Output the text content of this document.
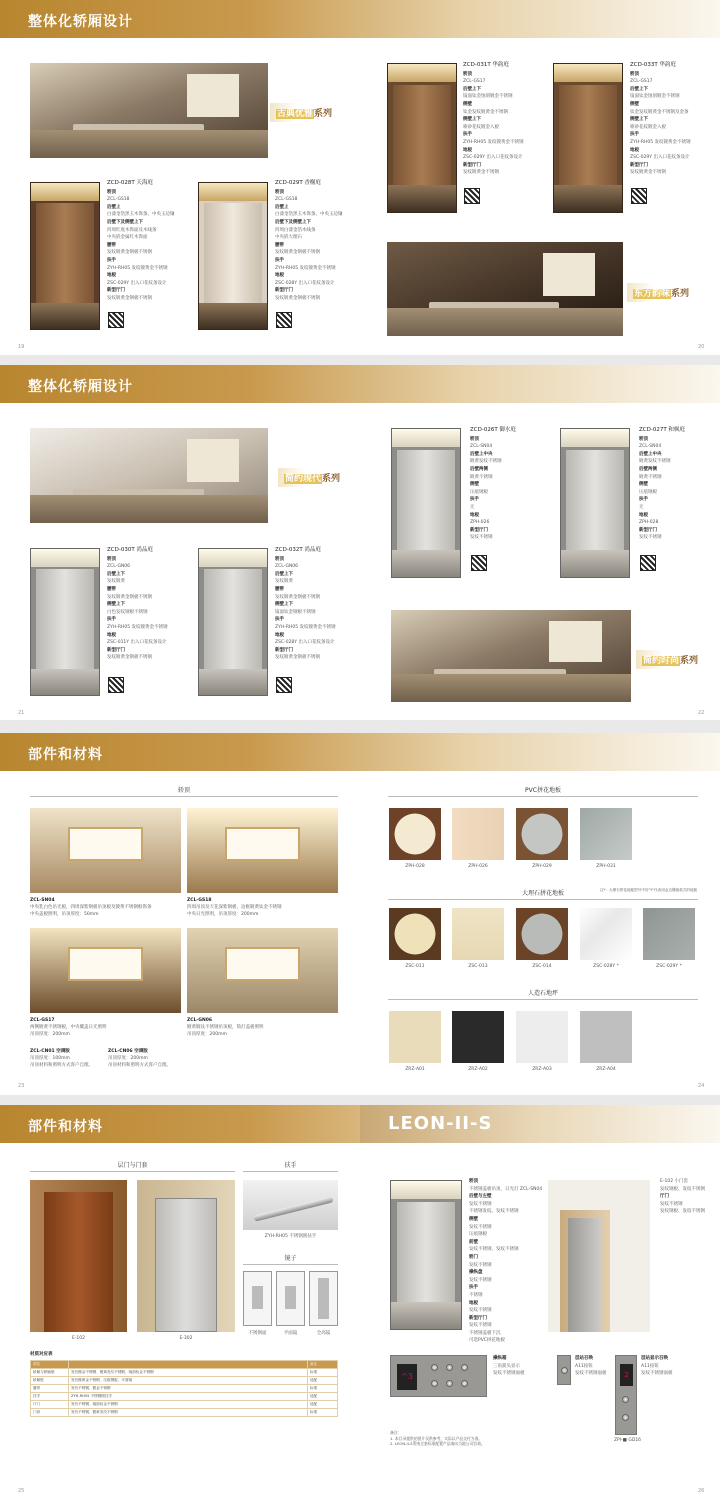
整体化轿厢设计
古典优雅系列
ZCD-028T 天海庭
轿顶
ZCL-GS18
后壁上
白漆金箔黑玉木饰条、中央玉边镶
后壁下及侧壁上下
四周红底木饰面及木线条
中央嵌金属红木饰面
腰带
发纹镀黄金钢板不锈钢
扶手
ZYH-RH05 发纹镀黄金不锈钢
地板
ZSC-029Y 出入口花纹条设计
新型厅门
发纹镀黄金钢板不锈钢
ZCD-029T 香榭庭
轿顶
ZCL-GS18
后壁上
白漆金箔黑玉木饰条、中央玉边镶
后壁下及侧壁上下
四周白漆金箔木线条
中央嵌大理石
腰带
发纹镀黄金钢板不锈钢
扶手
ZYH-RH05 发纹镀黄金不锈钢
地板
ZSC-028Y 出入口花纹条设计
新型厅门
发纹镀黄金钢板不锈钢
ZCD-031T 华韵庭
轿顶
ZCL-GS17
后壁上下
镜面钛金蚀刻镀金不锈钢
侧壁
钛金发纹镀黄金不锈钢
侧壁上下
喷砂花纹镀金入板
扶手
ZYH-RH05 发纹镀黄金不锈钢
地板
ZSC-029Y 出入口花纹条设计
新型厅门
发纹镀黄金不锈钢
ZCD-033T 华韵庭
轿顶
ZCL-GS17
后壁上下
镜面钛金蚀刻镀金不锈钢
侧壁
钛金发纹镀黄金不锈钢及金条
侧壁上下
喷砂花纹镀金入板
扶手
ZYH-RH05 发纹镀黄金不锈钢
地板
ZSC-029Y 出入口花纹条设计
新型厅门
发纹镀黄金不锈钢
东方韵味系列
19	20
整体化轿厢设计
简约现代系列
ZCD-030T 尚品庭
轿顶
ZCL-GN06
后壁上下
发纹镀黄
腰带
发纹镀黄金钢板不锈钢
侧壁上下
白色发纹钢板不锈钢
扶手
ZYH-RH05 发纹镀黄金不锈钢
地板
ZSC-011Y 出入口花纹条设计
新型厅门
发纹镀黄金钢板不锈钢
ZCD-032T 尚品庭
轿顶
ZCL-GN06
后壁上下
发纹镀黄
腰带
发纹镀黄金钢板不锈钢
侧壁上下
镜面钛金钢板不锈钢
扶手
ZYH-RH05 发纹镀黄金不锈钢
地板
ZSC-028Y 出入口花纹条设计
新型厅门
发纹镀黄金钢板不锈钢
ZCD-026T 御水庭
轿顶
ZCL-SN04
后壁上中央
镀黄发纹不锈钢
后壁两侧
镀黄不锈钢
侧壁
压痕钢板
扶手
无
地板
ZPH-026
新型厅门
发纹不锈钢
ZCD-027T 和枫庭
轿顶
ZCL-SN04
后壁上中央
镀黄发纹不锈钢
后壁两侧
镀黄不锈钢
侧壁
压痕钢板
扶手
无
地板
ZPH-028
新型厅门
发纹不锈钢
简约时尚系列
21	22
部件和材料
轿顶
ZCL-SN04
中央乳白色吊光板，四周深紫钢板吊顶板及镀黄不锈钢框饰条
中央盖板照明，吊顶厚度：50mm
ZCL-GS18
四周吊顶及天花深紫钢板，边框镀黄钛金不锈钢
中央日光照明，吊顶厚度：200mm
ZCL-GS17
两侧镀黄不锈钢板，中央覆盖日光照明
吊顶厚度：200mm
ZCL-GN06
镀黄镀钛不锈钢吊顶板，筒灯盖板照明
吊顶厚度：200mm
ZCL-CN01 空调版
吊顶厚度：100mm
吊顶材料和照明方式客户自理。
ZCL-CN06 空调版
吊顶厚度：200mm
吊顶材料和照明方式客户自理。
PVC拼花地板
ZPH-028	ZPH-026	ZPH-029	ZPH-031
大理石拼花地板	注*：大理石拼花地板型号中后"Y"代表用金边镶嵌款式的地板
ZSC-011	ZSC-013	ZSC-014	ZSC-028Y *	ZSC-029Y *
人造石地坪
ZRZ-A01	ZRZ-A02	ZRZ-A03	ZRZ-A04
23	24
部件和材料	LEON-II-S
层门与门套
E-102	E-302
扶手
ZYH-RH05 不锈钢圆扶手
镜子
不锈钢面	平面镜	全高镜
材质对应表
部位		备注
轿厢与轿厢壁	发纹镀金不锈钢、镀黄发纹不锈钢、镜面钛金不锈钢	标准
轿厢壁	发纹镀黄金不锈钢、压痕钢板、平面镜	选配
腰带	发纹不锈钢、镀金不锈钢	标准
扶手	ZYH-RH05 不锈钢圆扶手	选配
厅门	发纹不锈钢、镜面钛金不锈钢	选配
门套	发纹不锈钢、镀黄发纹不锈钢	标准
轿顶
不锈钢盖板吊顶，日光灯 ZCL-SN04
后壁与左壁
发纹不锈钢
不锈钢发纹、发纹不锈钢
侧壁
发纹不锈钢
压痕钢板
前壁
发纹不锈钢、发纹不锈钢
轿门
发纹不锈钢
操纵盘
发纹不锈钢
扶手
不锈钢
地板
发纹不锈钢
新型厅门
发纹不锈钢
不锈钢盖板下沉
可选PVC拼花地板
E-102 小门套
发纹钢板、发纹不锈钢
厅门
发纹不锈钢
发纹钢板、发纹不锈钢
^3
操纵箱
三角箭头显示
发纹不锈钢面板
层站召唤
A11按钮
发纹不锈钢面板	2
层站显示召唤
A11按钮
发纹不锈钢面板
ZPI-■ GD16
备注：
1. 本目录提供的图片仅供参考，实际以产品交付为准。
2. LEON-II-S系统全套标准配置产品请向当地公司咨询。
25	26
